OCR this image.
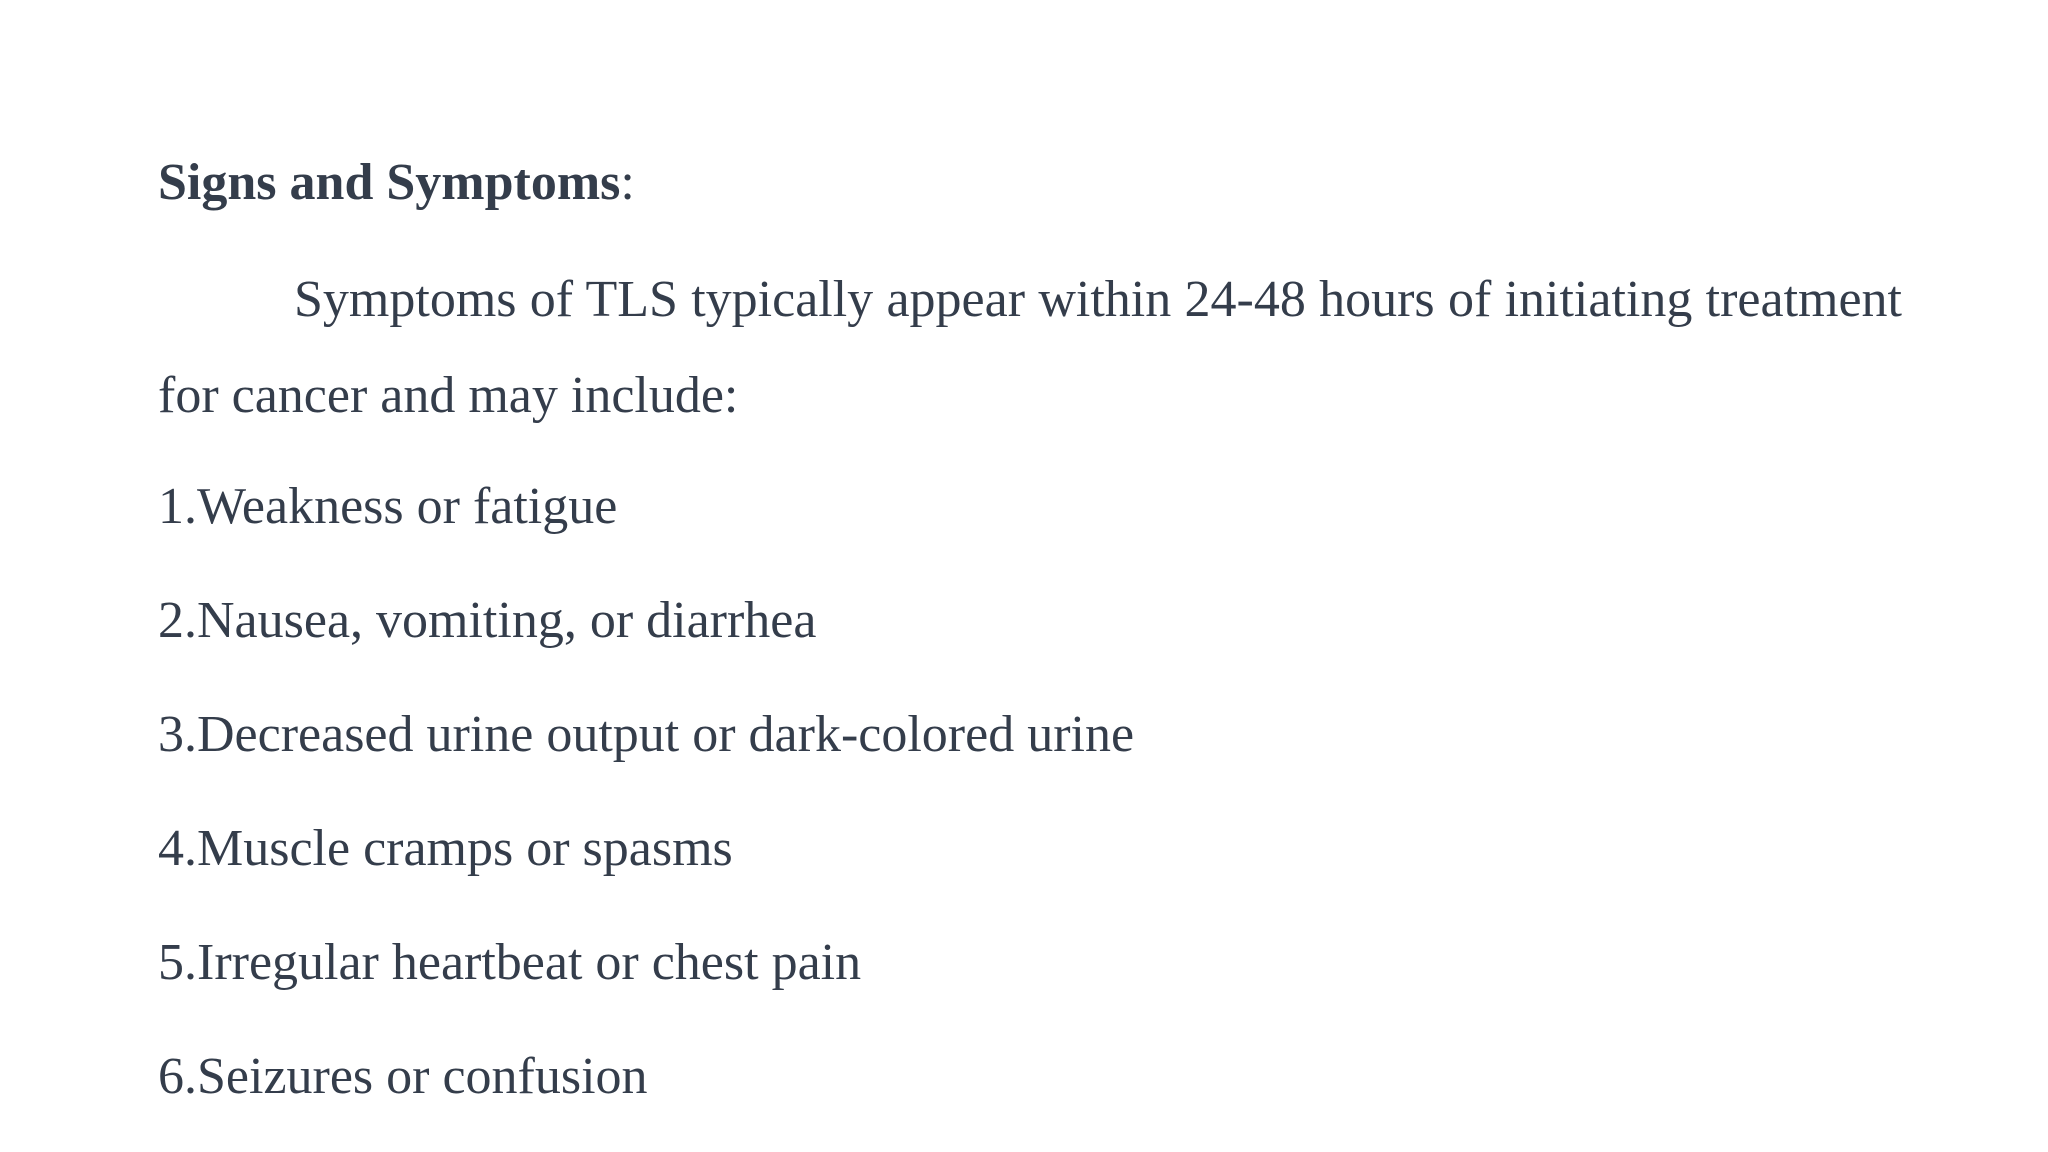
Signs and Symptoms:

Symptoms of TLS typically appear within 24-48 hours of initiating treatment for cancer and may include:

1.Weakness or fatigue
2.Nausea, vomiting, or diarrhea
3.Decreased urine output or dark-colored urine
4.Muscle cramps or spasms
5.Irregular heartbeat or chest pain
6.Seizures or confusion
